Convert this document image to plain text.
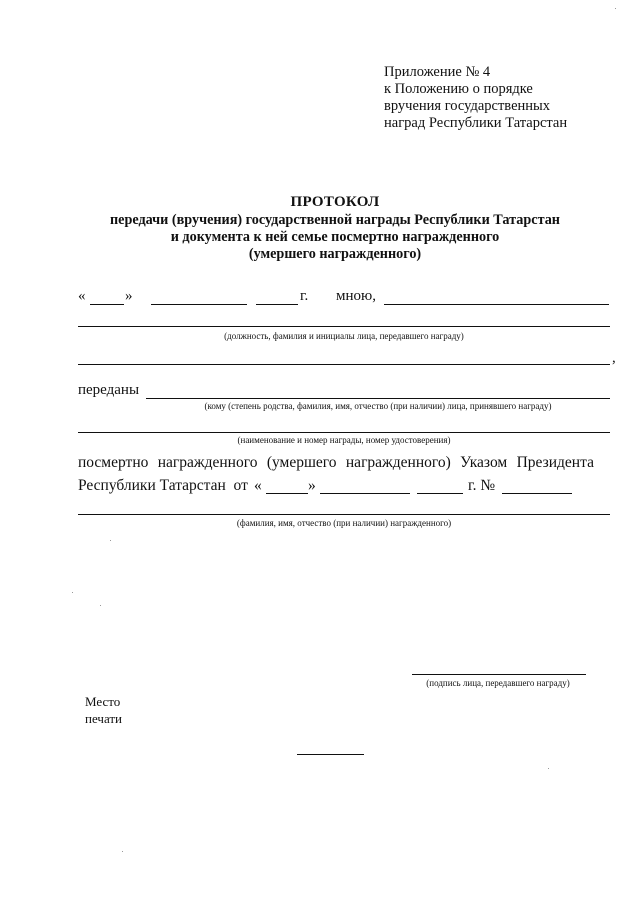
Приложение № 4
к Положению о порядке
вручения государственных
наград Республики Татарстан
ПРОТОКОЛ
передачи (вручения) государственной награды Республики Татарстан
и документа к ней семье посмертно награжденного
(умершего награжденного)
«	»	г. мною,
(должность, фамилия и инициалы лица, передавшего награду)
,
переданы
(кому (степень родства, фамилия, имя, отчество (при наличии) лица, принявшего награду)
(наименование и номер награды, номер удостоверения)
посмертно награжденного (умершего награжденного) Указом Президента
Республики Татарстан  от «	»	г. №
(фамилия, имя, отчество (при наличии) награжденного)
(подпись лица, передавшего награду)
Место
печати
